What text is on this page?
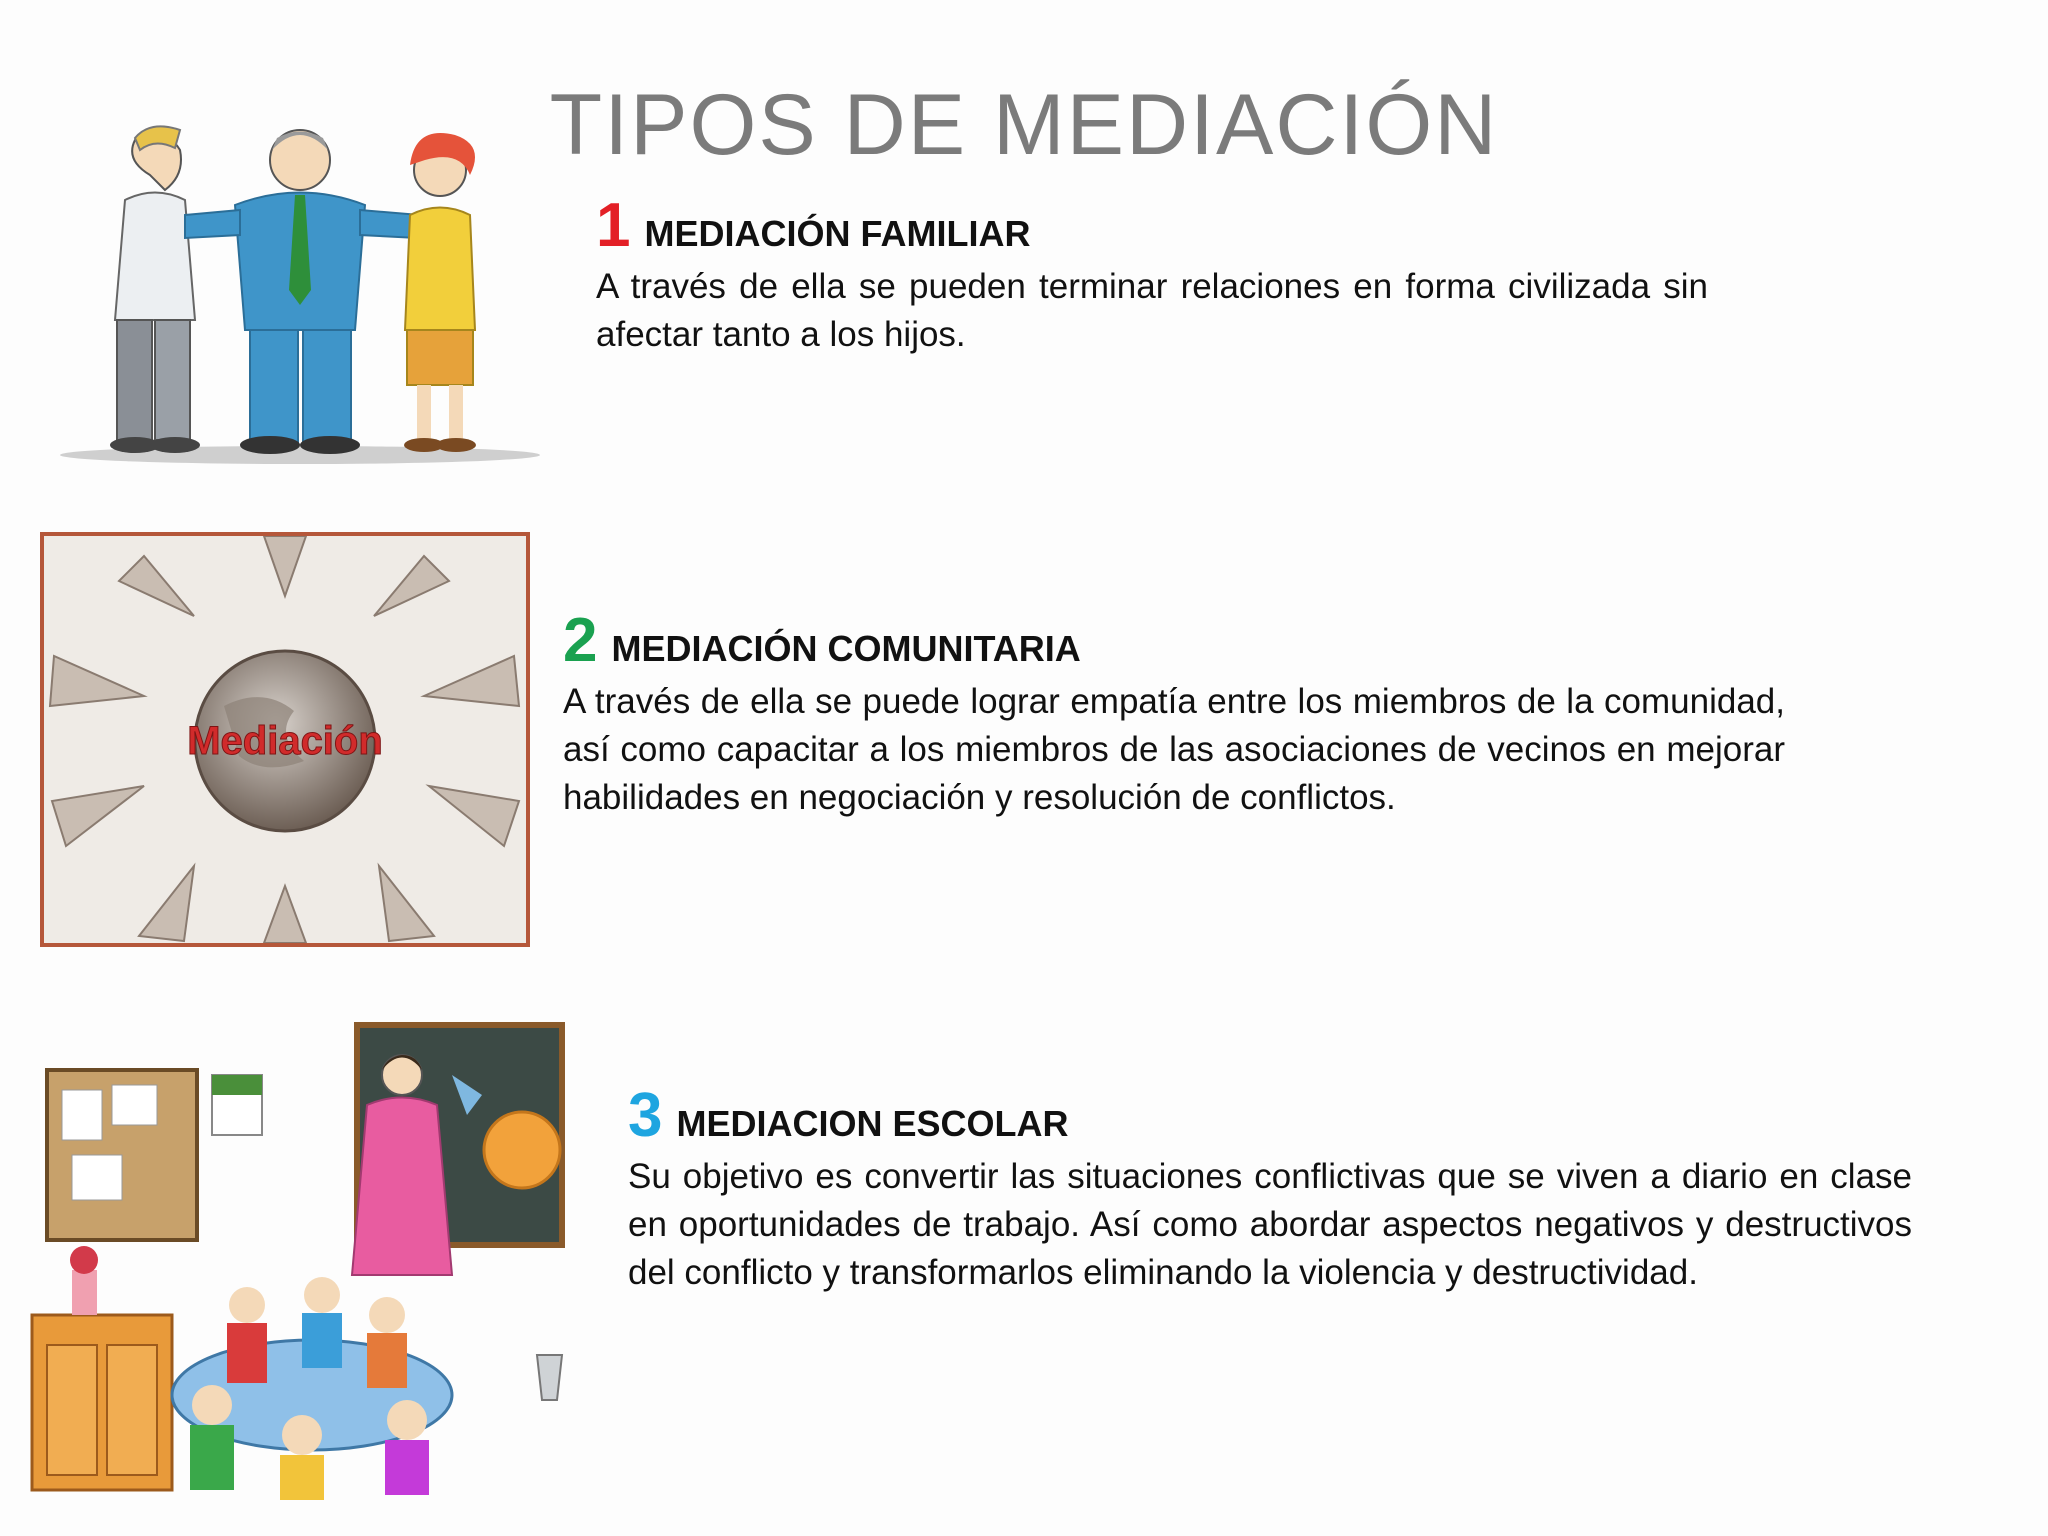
TIPOS DE MEDIACIÓN
Mediación
1 MEDIACIÓN FAMILIAR
A través de ella se pueden terminar relaciones en forma civilizada sin afectar tanto a los hijos.
2 MEDIACIÓN COMUNITARIA
A través de ella se puede lograr empatía entre los miembros de la comunidad, así como capacitar a los miembros de las asociaciones de vecinos en mejorar habilidades en negociación y resolución de conflictos.
3 MEDIACION ESCOLAR
Su objetivo es convertir las situaciones conflictivas que se viven a diario en clase en oportunidades de trabajo. Así como abordar aspectos negativos y destructivos del conflicto y transformarlos eliminando la violencia y destructividad.
